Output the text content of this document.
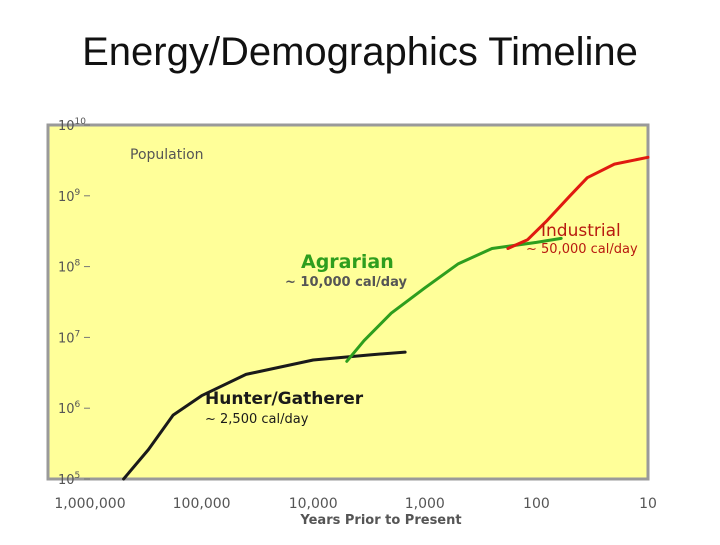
Energy/Demographics Timeline
$10^5$
$10^6$
$10^7$
$10^8$
$10^9$
$10^{10}$
1,000,000	100,000	10,000	1,000	100	10
Years Prior to Present
Population
Hunter/Gatherer
~ 2,500 cal/day
Agrarian
~ 10,000 cal/day
Industrial
~ 50,000 cal/day
